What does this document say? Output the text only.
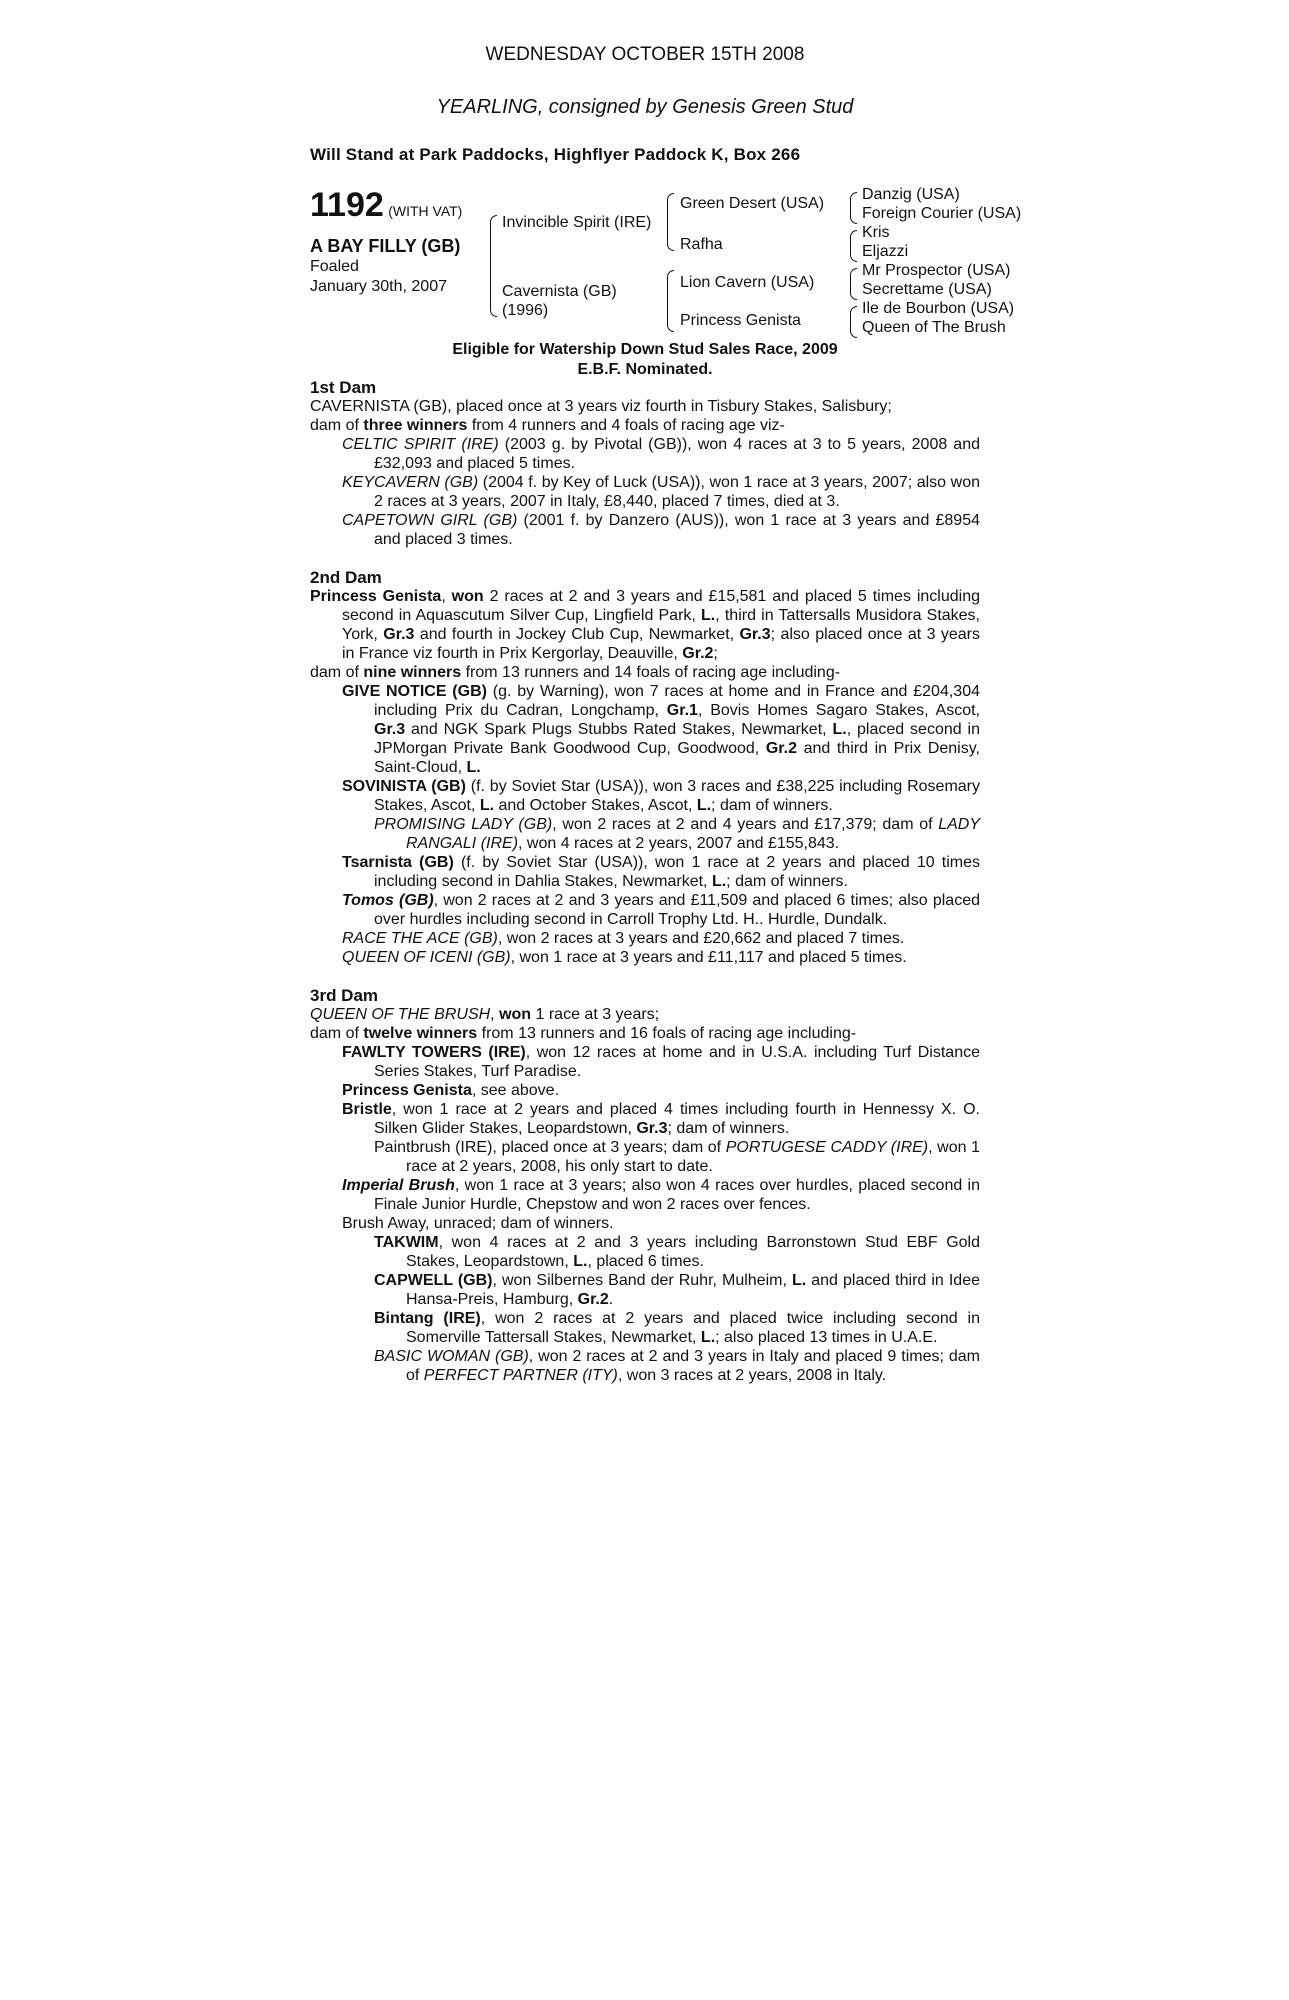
WEDNESDAY OCTOBER 15TH 2008
YEARLING, consigned by Genesis Green Stud
Will Stand at Park Paddocks, Highflyer Paddock K, Box 266
1192 (WITH VAT)
A BAY FILLY (GB)
Foaled
January 30th, 2007
Invincible Spirit (IRE)
Cavernista (GB)
(1996)
Green Desert (USA)
Rafha
Lion Cavern (USA)
Princess Genista
Danzig (USA)
Foreign Courier (USA)
Kris
Eljazzi
Mr Prospector (USA)
Secrettame (USA)
Ile de Bourbon (USA)
Queen of The Brush
Eligible for Watership Down Stud Sales Race, 2009
E.B.F. Nominated.
1st Dam
CAVERNISTA (GB), placed once at 3 years viz fourth in Tisbury Stakes, Salisbury;
dam of three winners from 4 runners and 4 foals of racing age viz-
CELTIC SPIRIT (IRE) (2003 g. by Pivotal (GB)), won 4 races at 3 to 5 years, 2008 and £32,093 and placed 5 times.
KEYCAVERN (GB) (2004 f. by Key of Luck (USA)), won 1 race at 3 years, 2007; also won 2 races at 3 years, 2007 in Italy, £8,440, placed 7 times, died at 3.
CAPETOWN GIRL (GB) (2001 f. by Danzero (AUS)), won 1 race at 3 years and £8954 and placed 3 times.
2nd Dam
Princess Genista, won 2 races at 2 and 3 years and £15,581 and placed 5 times including second in Aquascutum Silver Cup, Lingfield Park, L., third in Tattersalls Musidora Stakes, York, Gr.3 and fourth in Jockey Club Cup, Newmarket, Gr.3; also placed once at 3 years in France viz fourth in Prix Kergorlay, Deauville, Gr.2;
dam of nine winners from 13 runners and 14 foals of racing age including-
GIVE NOTICE (GB) (g. by Warning), won 7 races at home and in France and £204,304 including Prix du Cadran, Longchamp, Gr.1, Bovis Homes Sagaro Stakes, Ascot, Gr.3 and NGK Spark Plugs Stubbs Rated Stakes, Newmarket, L., placed second in JPMorgan Private Bank Goodwood Cup, Goodwood, Gr.2 and third in Prix Denisy, Saint-Cloud, L.
SOVINISTA (GB) (f. by Soviet Star (USA)), won 3 races and £38,225 including Rosemary Stakes, Ascot, L. and October Stakes, Ascot, L.; dam of winners.
PROMISING LADY (GB), won 2 races at 2 and 4 years and £17,379; dam of LADY RANGALI (IRE), won 4 races at 2 years, 2007 and £155,843.
Tsarnista (GB) (f. by Soviet Star (USA)), won 1 race at 2 years and placed 10 times including second in Dahlia Stakes, Newmarket, L.; dam of winners.
Tomos (GB), won 2 races at 2 and 3 years and £11,509 and placed 6 times; also placed over hurdles including second in Carroll Trophy Ltd. H.. Hurdle, Dundalk.
RACE THE ACE (GB), won 2 races at 3 years and £20,662 and placed 7 times.
QUEEN OF ICENI (GB), won 1 race at 3 years and £11,117 and placed 5 times.
3rd Dam
QUEEN OF THE BRUSH, won 1 race at 3 years;
dam of twelve winners from 13 runners and 16 foals of racing age including-
FAWLTY TOWERS (IRE), won 12 races at home and in U.S.A. including Turf Distance Series Stakes, Turf Paradise.
Princess Genista, see above.
Bristle, won 1 race at 2 years and placed 4 times including fourth in Hennessy X. O. Silken Glider Stakes, Leopardstown, Gr.3; dam of winners.
Paintbrush (IRE), placed once at 3 years; dam of PORTUGESE CADDY (IRE), won 1 race at 2 years, 2008, his only start to date.
Imperial Brush, won 1 race at 3 years; also won 4 races over hurdles, placed second in Finale Junior Hurdle, Chepstow and won 2 races over fences.
Brush Away, unraced; dam of winners.
TAKWIM, won 4 races at 2 and 3 years including Barronstown Stud EBF Gold Stakes, Leopardstown, L., placed 6 times.
CAPWELL (GB), won Silbernes Band der Ruhr, Mulheim, L. and placed third in Idee Hansa-Preis, Hamburg, Gr.2.
Bintang (IRE), won 2 races at 2 years and placed twice including second in Somerville Tattersall Stakes, Newmarket, L.; also placed 13 times in U.A.E.
BASIC WOMAN (GB), won 2 races at 2 and 3 years in Italy and placed 9 times; dam of PERFECT PARTNER (ITY), won 3 races at 2 years, 2008 in Italy.
